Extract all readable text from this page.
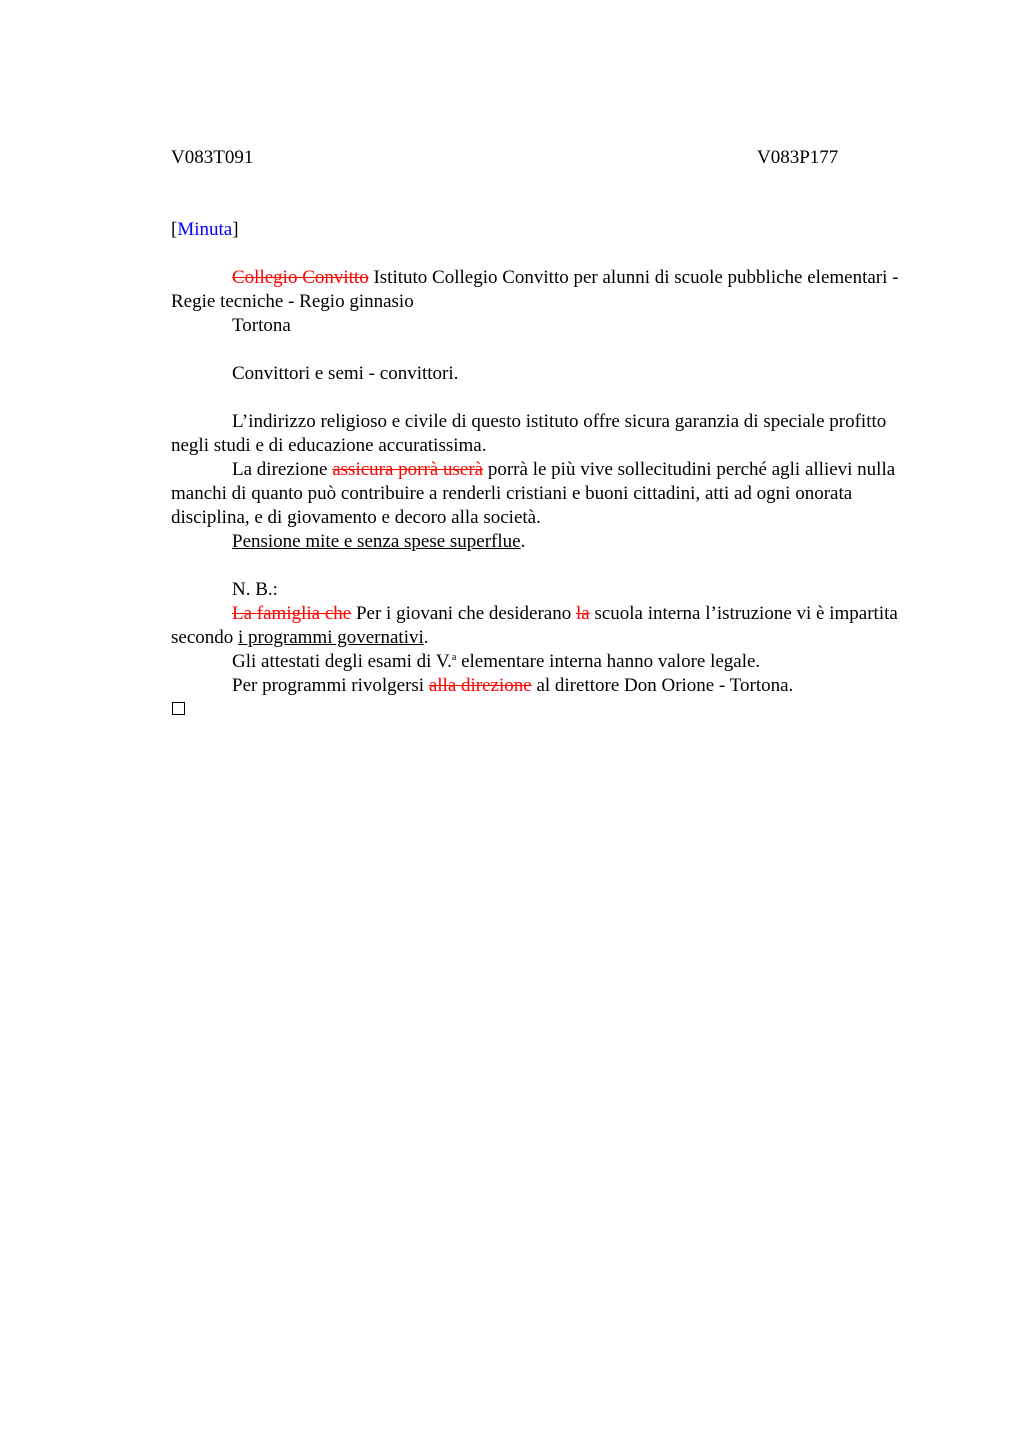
V083T091	V083P177

[Minuta]

Collegio Convitto Istituto Collegio Convitto per alunni di scuole pubbliche elementari - Regie tecniche - Regio ginnasio

Tortona

Convittori e semi - convittori.

L’indirizzo religioso e civile di questo istituto offre sicura garanzia di speciale profitto negli studi e di educazione accuratissima.

La direzione assicura porrà userà porrà le più vive sollecitudini perché agli allievi nulla manchi di quanto può contribuire a renderli cristiani e buoni cittadini, atti ad ogni onorata disciplina, e di giovamento e decoro alla società.

Pensione mite e senza spese superflue.

N. B.:

La famiglia che Per i giovani che desiderano la scuola interna l’istruzione vi è impartita secondo i programmi governativi.

Gli attestati degli esami di V.$^a$ elementare interna hanno valore legale.

Per programmi rivolgersi alla direzione al direttore Don Orione - Tortona.
